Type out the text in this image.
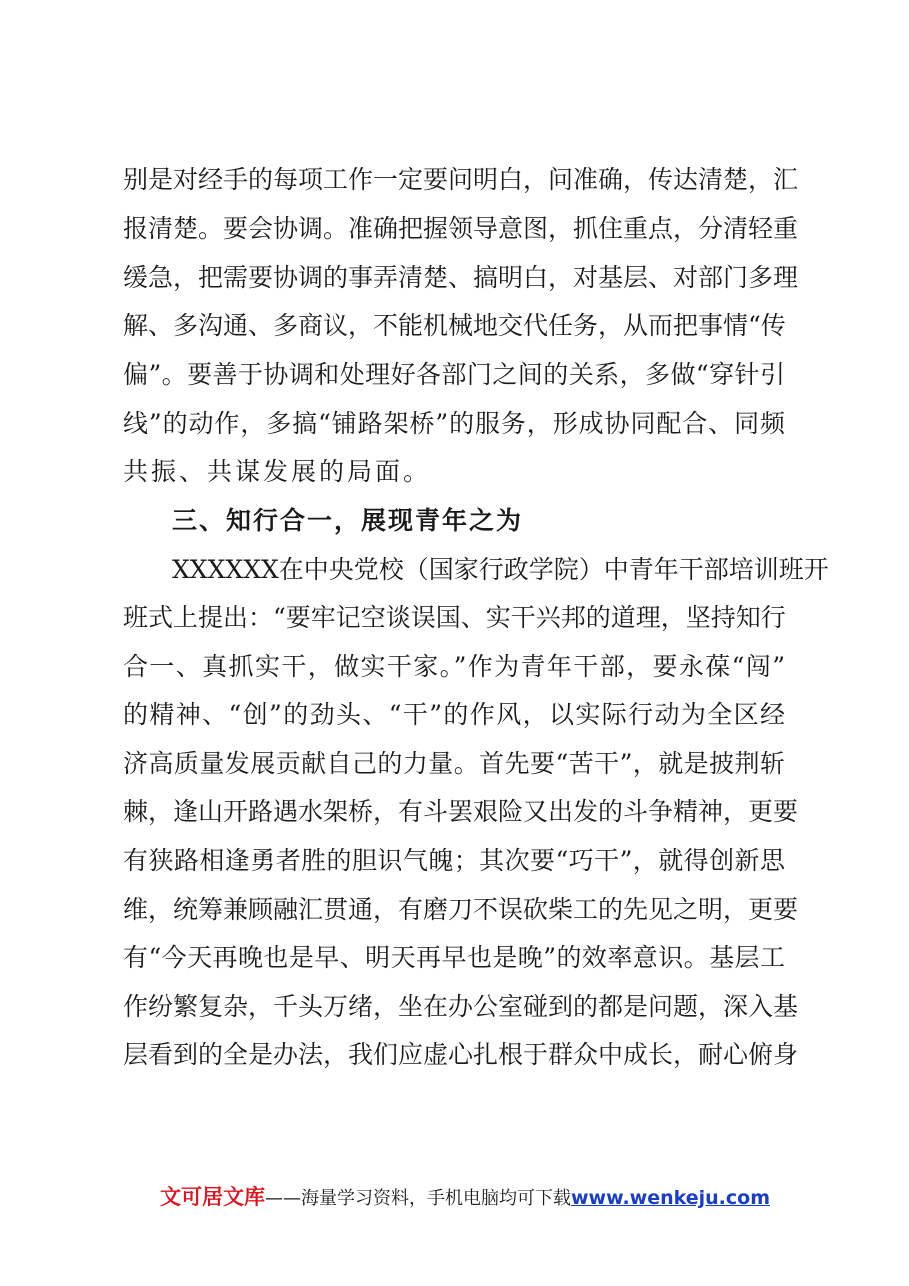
别是对经手的每项工作一定要问明白，问准确，传达清楚，汇
报清楚。要会协调。准确把握领导意图，抓住重点，分清轻重
缓急，把需要协调的事弄清楚、搞明白，对基层、对部门多理
解、多沟通、多商议，不能机械地交代任务，从而把事情“传
偏”。要善于协调和处理好各部门之间的关系，多做“穿针引
线”的动作，多搞“铺路架桥”的服务，形成协同配合、同频
共振、共谋发展的局面。
三、知行合一，展现青年之为
XXXXXX在中央党校（国家行政学院）中青年干部培训班开
班式上提出：“要牢记空谈误国、实干兴邦的道理，坚持知行
合一、真抓实干，做实干家。”作为青年干部，要永葆“闯”
的精神、“创”的劲头、“干”的作风，以实际行动为全区经
济高质量发展贡献自己的力量。首先要“苦干”，就是披荆斩
棘，逢山开路遇水架桥，有斗罢艰险又出发的斗争精神，更要
有狭路相逢勇者胜的胆识气魄；其次要“巧干”，就得创新思
维，统筹兼顾融汇贯通，有磨刀不误砍柴工的先见之明，更要
有“今天再晚也是早、明天再早也是晚”的效率意识。基层工
作纷繁复杂，千头万绪，坐在办公室碰到的都是问题，深入基
层看到的全是办法，我们应虚心扎根于群众中成长，耐心俯身
文可居文库——海量学习资料，手机电脑均可下载www.wenkeju.com
